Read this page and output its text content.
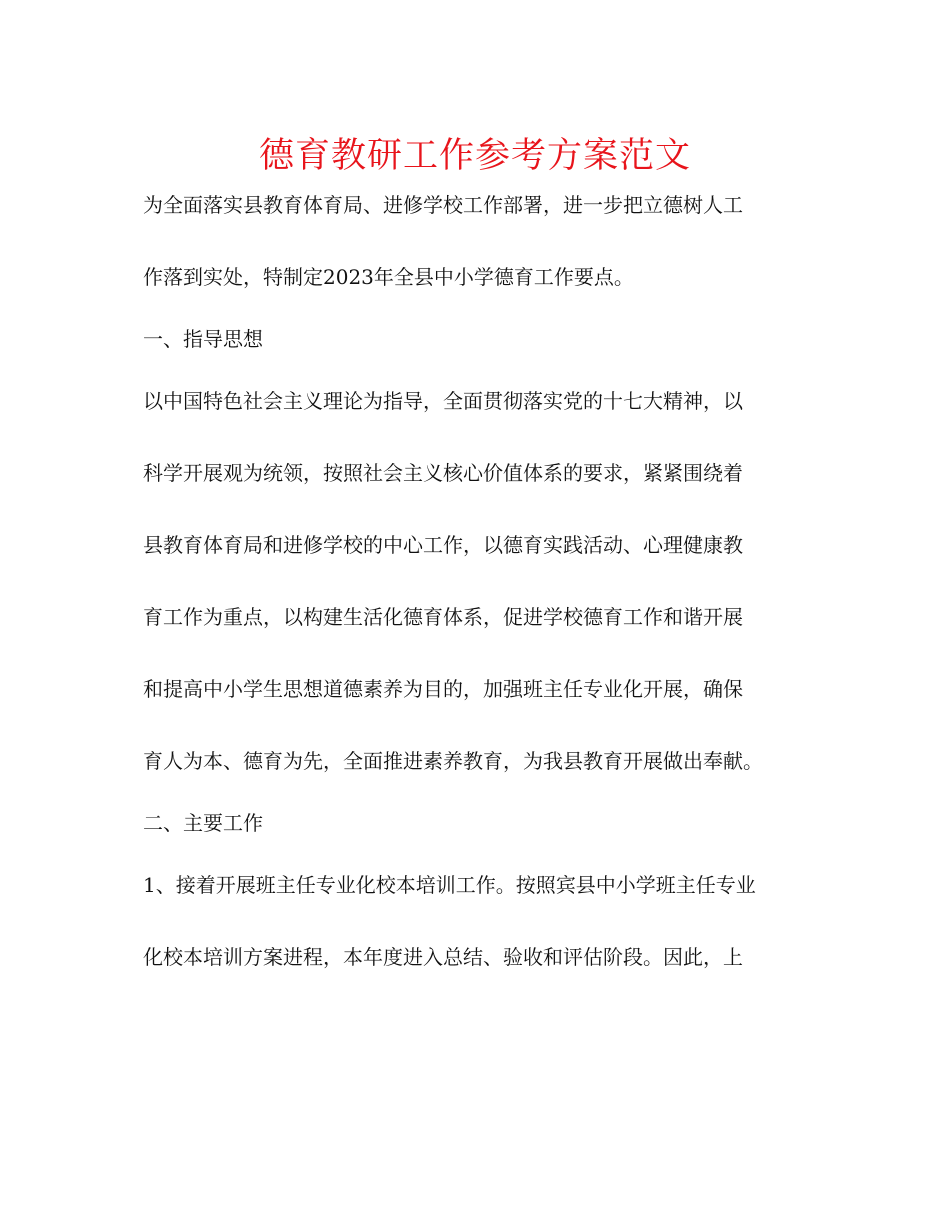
德育教研工作参考方案范文
为全面落实县教育体育局、进修学校工作部署，进一步把立德树人工
作落到实处，特制定2023年全县中小学德育工作要点。
一、指导思想
以中国特色社会主义理论为指导，全面贯彻落实党的十七大精神，以
科学开展观为统领，按照社会主义核心价值体系的要求，紧紧围绕着
县教育体育局和进修学校的中心工作，以德育实践活动、心理健康教
育工作为重点，以构建生活化德育体系，促进学校德育工作和谐开展
和提高中小学生思想道德素养为目的，加强班主任专业化开展，确保
育人为本、德育为先，全面推进素养教育，为我县教育开展做出奉献。
二、主要工作
1、接着开展班主任专业化校本培训工作。按照宾县中小学班主任专业
化校本培训方案进程，本年度进入总结、验收和评估阶段。因此，上
